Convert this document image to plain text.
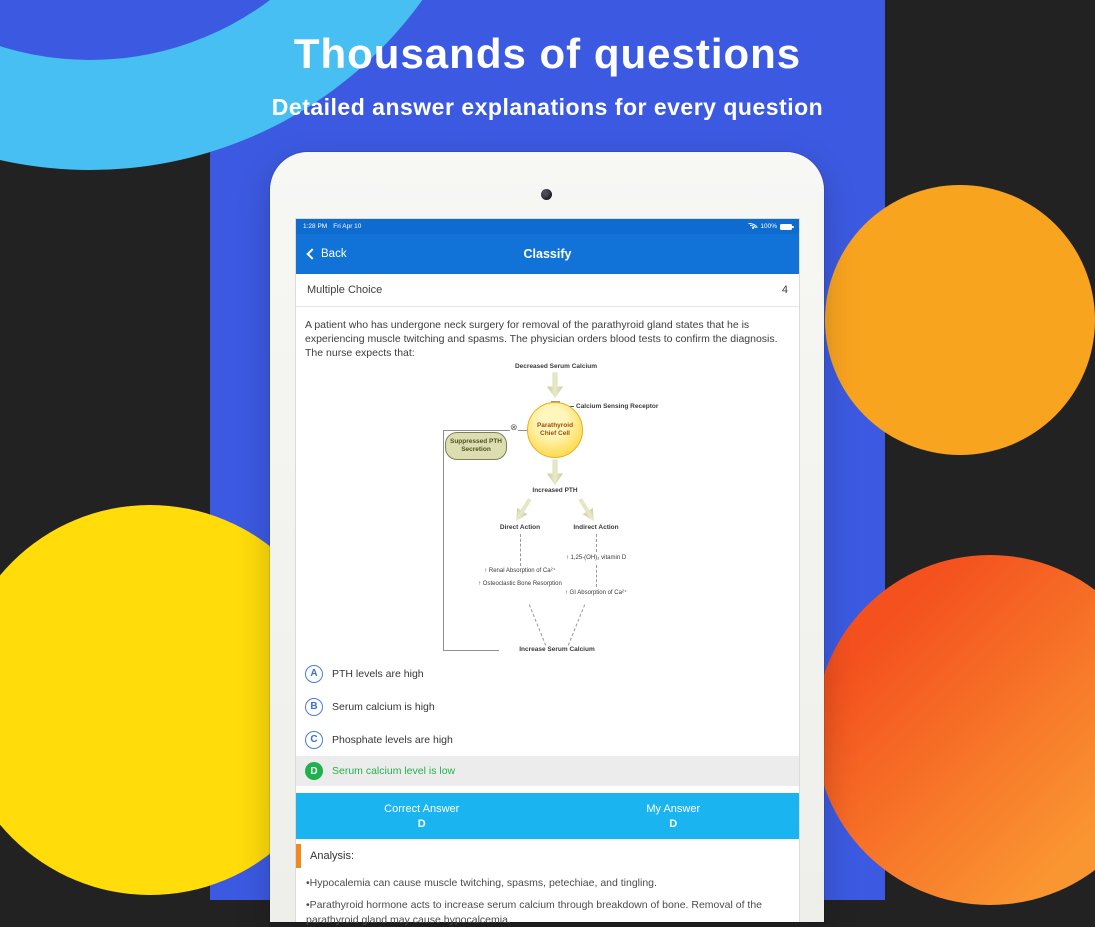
Thousands of questions
Detailed answer explanations for every question
1:28 PM Fri Apr 10	100%
Back	Classify
Multiple Choice	4
A patient who has undergone neck surgery for removal of the parathyroid gland states that he is experiencing muscle twitching and spasms. The physician orders blood tests to confirm the diagnosis. The nurse expects that:
Decreased Serum Calcium
Calcium Sensing Receptor
Parathyroid
Chief Cell
Suppressed PTH Secretion
⊗
Increased PTH
Direct Action	Indirect Action
↑ 1,25-(OH)₂ vitamin D
↑ Renal Absorption of Ca²⁺
↑ Osteoclastic Bone Resorption
↑ GI Absorption of Ca²⁺
Increase Serum Calcium
A	PTH levels are high
B	Serum calcium is high
C	Phosphate levels are high
D	Serum calcium level is low
Correct Answer
D
My Answer
D
Analysis:

•Hypocalemia can cause muscle twitching, spasms, petechiae, and tingling.

•Parathyroid hormone acts to increase serum calcium through breakdown of bone. Removal of the parathyroid gland may cause hypocalcemia.
